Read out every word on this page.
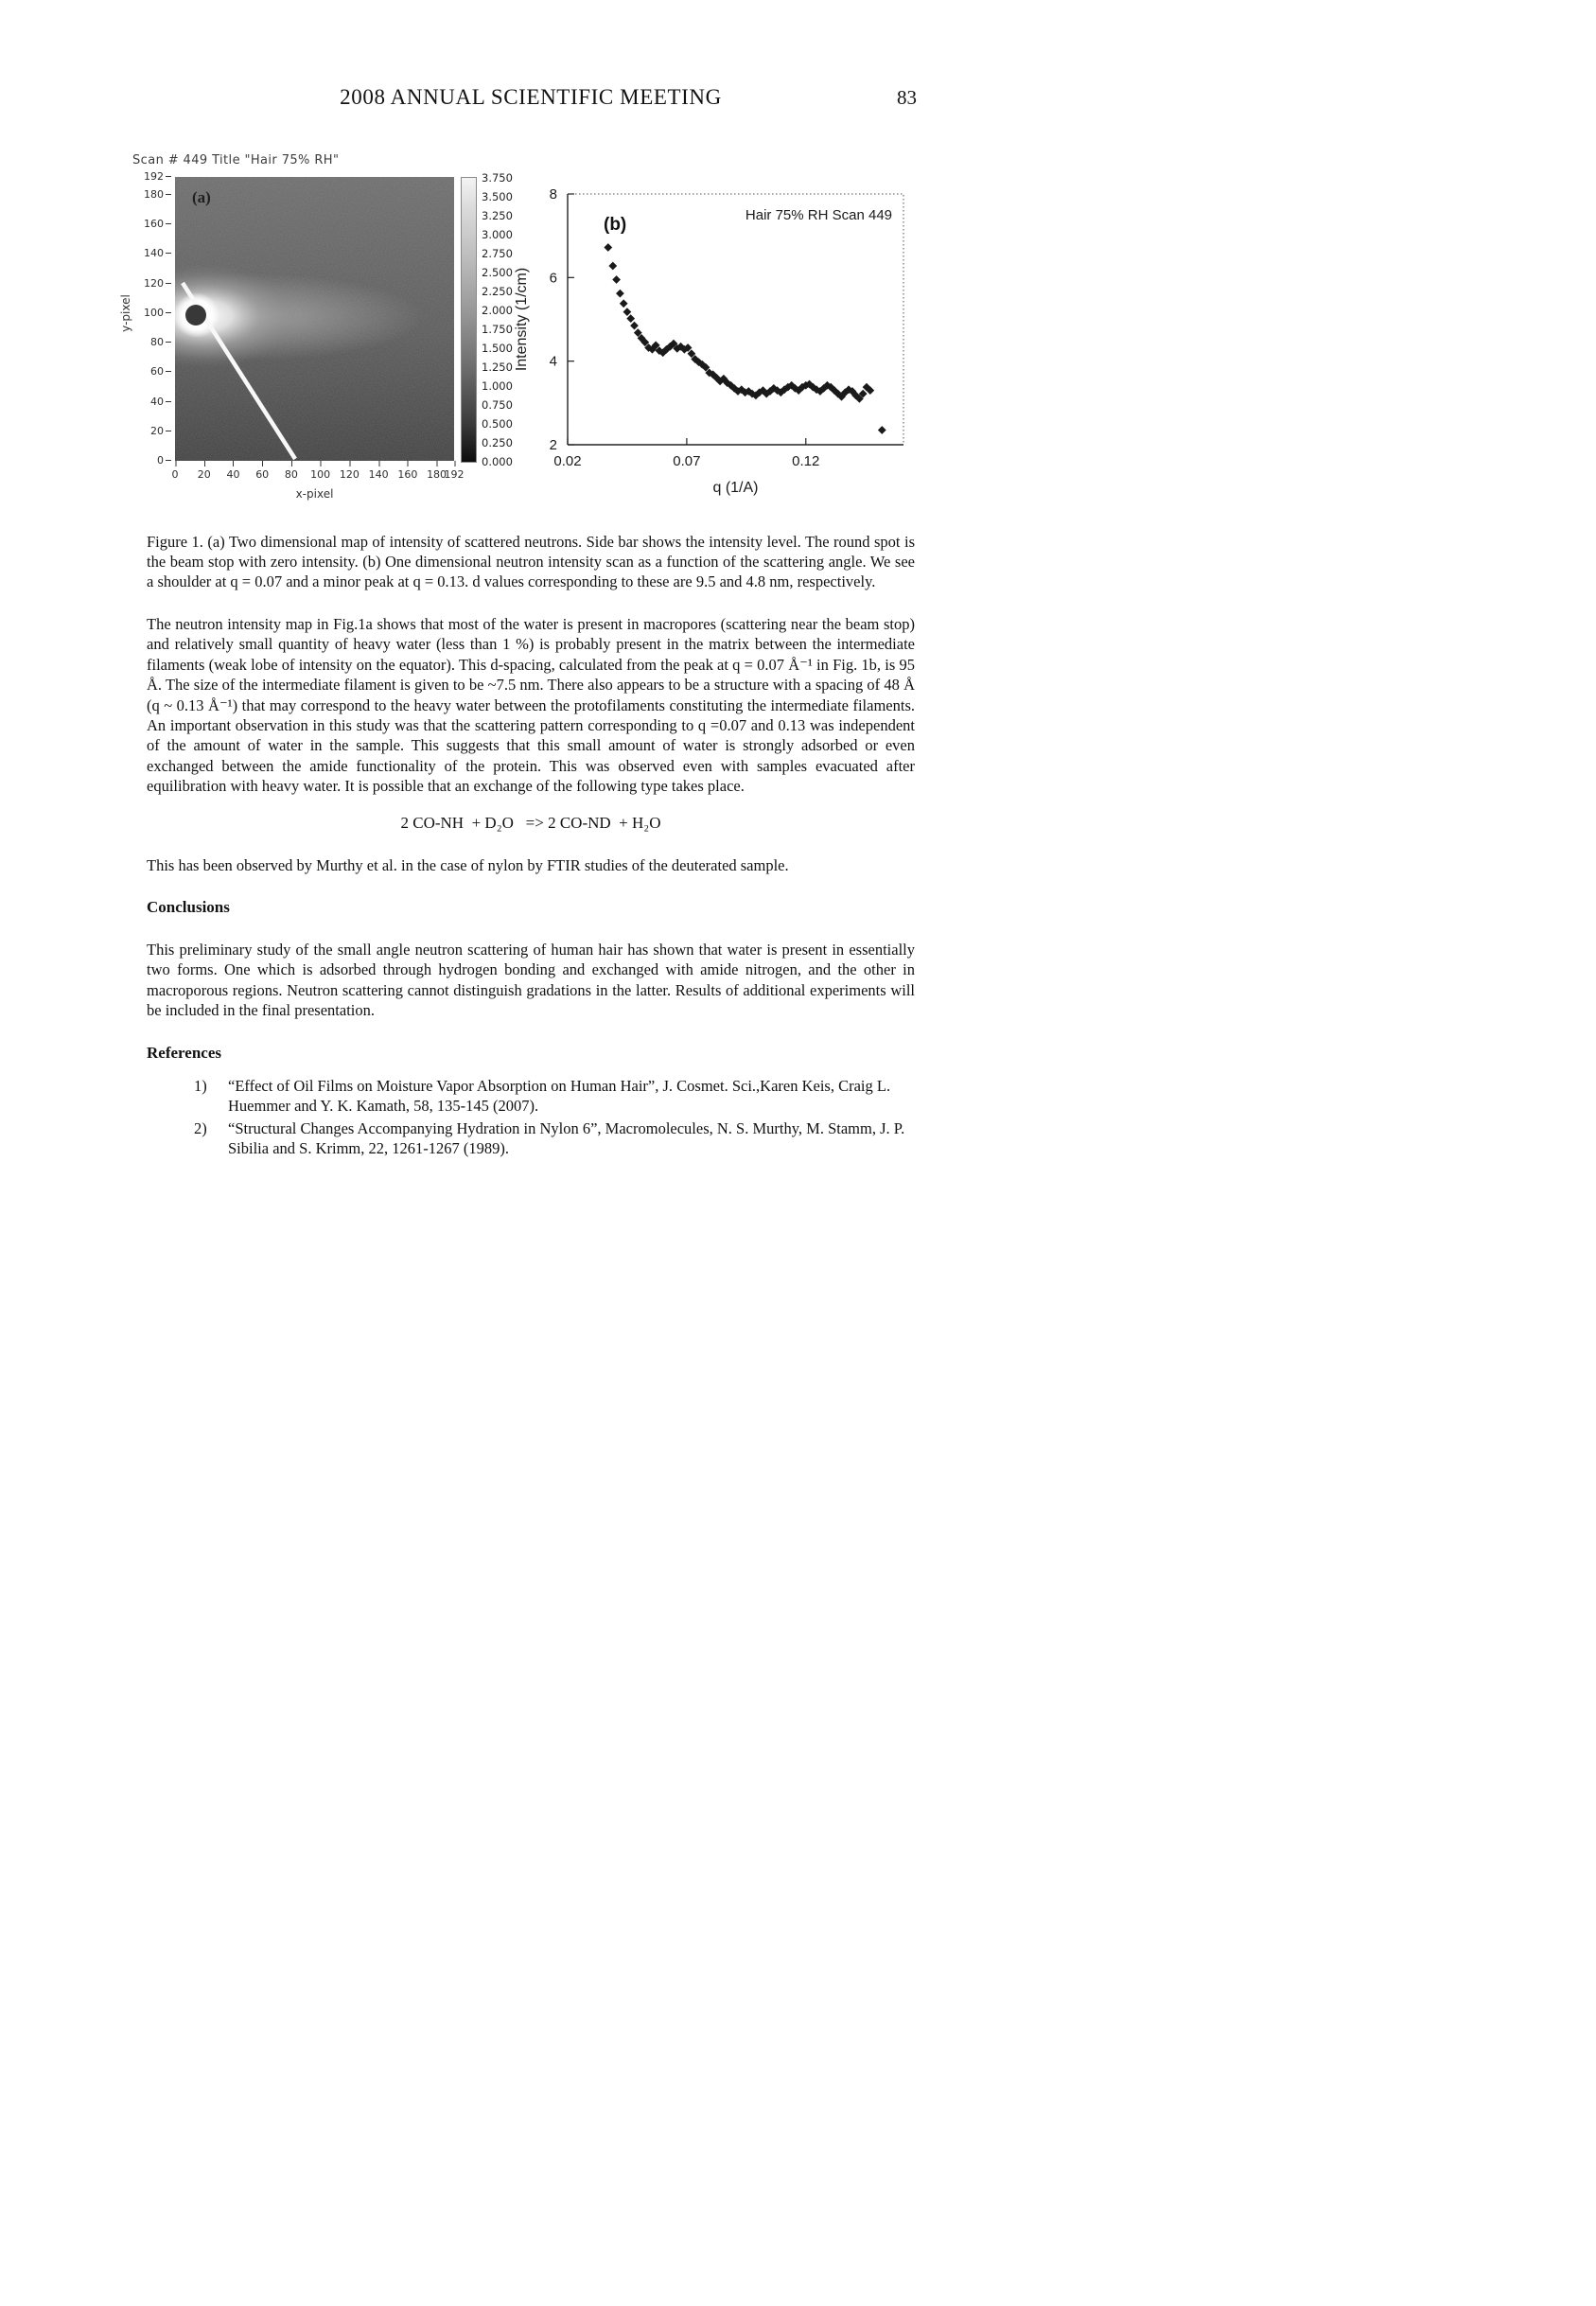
2008 ANNUAL SCIENTIFIC MEETING	83
Scan # 449 Title "Hair 75% RH"
y-pixel
192
180
160
140
120
100
80
60
40
20
0
(a)
0 20 40 60 80 100 120 140 160 180
192
x-pixel
3.750
3.500
3.250
3.000
2.750
2.500
2.250
2.000
1.750
1.500
1.250
1.000
0.750
0.500
0.250
0.000
2
4
6
8
0.02	0.07	0.12
(b)	Hair 75% RH Scan 449
q (1/A)
Intensity (1/cm)

Figure 1. (a) Two dimensional map of intensity of scattered neutrons. Side bar shows the intensity level. The round spot is the beam stop with zero intensity. (b) One dimensional neutron intensity scan as a function of the scattering angle. We see a shoulder at q = 0.07 and a minor peak at q = 0.13. d values corresponding to these are 9.5 and 4.8 nm, respectively.

The neutron intensity map in Fig.1a shows that most of the water is present in macropores (scattering near the beam stop) and relatively small quantity of heavy water (less than 1 %) is probably present in the matrix between the intermediate filaments (weak lobe of intensity on the equator). This d-spacing, calculated from the peak at q = 0.07 Å⁻¹ in Fig. 1b, is 95 Å. The size of the intermediate filament is given to be ~7.5 nm. There also appears to be a structure with a spacing of 48 Å (q ~ 0.13 Å⁻¹) that may correspond to the heavy water between the protofilaments constituting the intermediate filaments. An important observation in this study was that the scattering pattern corresponding to q =0.07 and 0.13 was independent of the amount of water in the sample. This suggests that this small amount of water is strongly adsorbed or even exchanged between the amide functionality of the protein. This was observed even with samples evacuated after equilibration with heavy water. It is possible that an exchange of the following type takes place.

2 CO-NH  + D₂O   => 2 CO-ND  + H₂O

This has been observed by Murthy et al. in the case of nylon by FTIR studies of the deuterated sample.

Conclusions

This preliminary study of the small angle neutron scattering of human hair has shown that water is present in essentially two forms. One which is adsorbed through hydrogen bonding and exchanged with amide nitrogen, and the other in macroporous regions. Neutron scattering cannot distinguish gradations in the latter. Results of additional experiments will be included in the final presentation.

References
1)	“Effect of Oil Films on Moisture Vapor Absorption on Human Hair”, J. Cosmet. Sci.,Karen Keis, Craig L. Huemmer and Y. K. Kamath, 58, 135-145 (2007).
2)	“Structural Changes Accompanying Hydration in Nylon 6”, Macromolecules, N. S. Murthy, M. Stamm, J. P. Sibilia and S. Krimm, 22, 1261-1267 (1989).
